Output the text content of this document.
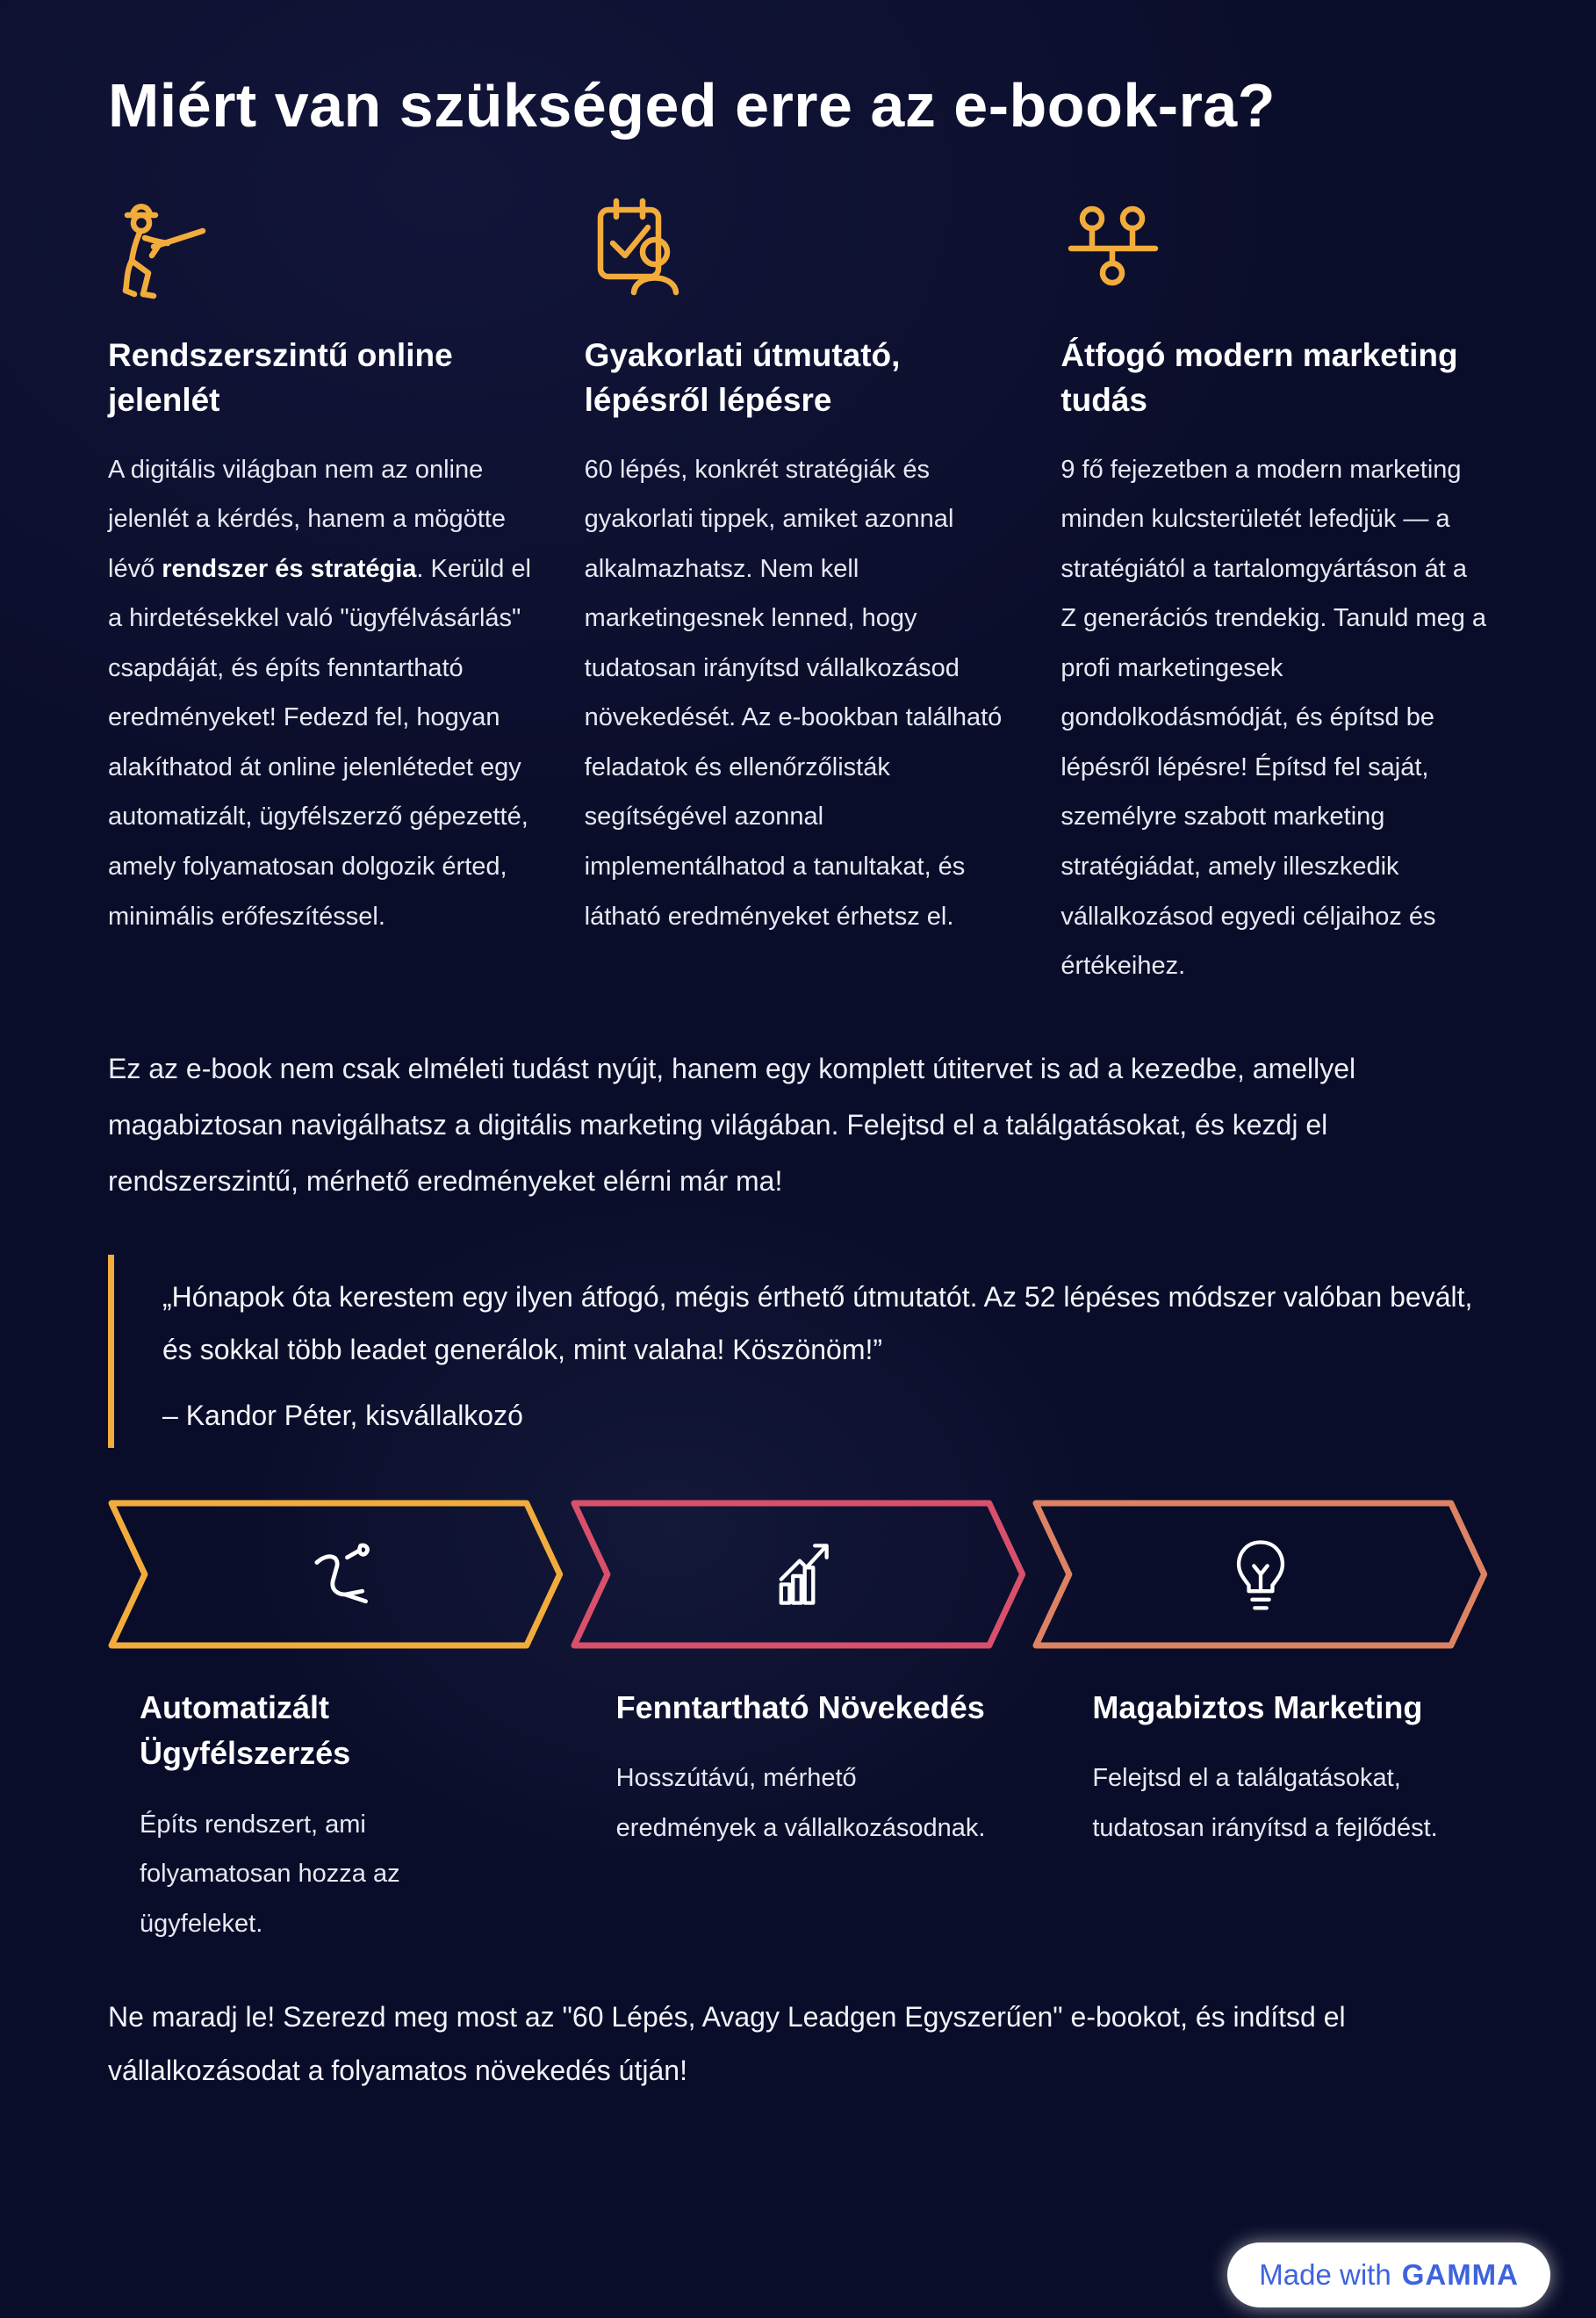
Miért van szükséged erre az e-book-ra?
Rendszerszintű online jelenlét

A digitális világban nem az online jelenlét a kérdés, hanem a mögötte lévő rendszer és stratégia. Kerüld el a hirdetésekkel való "ügyfélvásárlás" csapdáját, és építs fenntartható eredményeket! Fedezd fel, hogyan alakíthatod át online jelenlétedet egy automatizált, ügyfélszerző gépezetté, amely folyamatosan dolgozik érted, minimális erőfeszítéssel.

Gyakorlati útmutató, lépésről lépésre

60 lépés, konkrét stratégiák és gyakorlati tippek, amiket azonnal alkalmazhatsz. Nem kell marketingesnek lenned, hogy tudatosan irányítsd vállalkozásod növekedését. Az e-bookban található feladatok és ellenőrzőlisták segítségével azonnal implementálhatod a tanultakat, és látható eredményeket érhetsz el.

Átfogó modern marketing tudás

9 fő fejezetben a modern marketing minden kulcsterületét lefedjük — a stratégiától a tartalomgyártáson át a Z generációs trendekig. Tanuld meg a profi marketingesek gondolkodásmódját, és építsd be lépésről lépésre! Építsd fel saját, személyre szabott marketing stratégiádat, amely illeszkedik vállalkozásod egyedi céljaihoz és értékeihez.

Ez az e-book nem csak elméleti tudást nyújt, hanem egy komplett útitervet is ad a kezedbe, amellyel magabiztosan navigálhatsz a digitális marketing világában. Felejtsd el a találgatásokat, és kezdj el rendszerszintű, mérhető eredményeket elérni már ma!

„Hónapok óta kerestem egy ilyen átfogó, mégis érthető útmutatót. Az 52 lépéses módszer valóban bevált, és sokkal több leadet generálok, mint valaha! Köszönöm!”

– Kandor Péter, kisvállalkozó

Automatizált Ügyfélszerzés

Építs rendszert, ami folyamatosan hozza az ügyfeleket.

Fenntartható Növekedés

Hosszútávú, mérhető eredmények a vállalkozásodnak.

Magabiztos Marketing

Felejtsd el a találgatásokat, tudatosan irányítsd a fejlődést.

Ne maradj le! Szerezd meg most az "60 Lépés, Avagy Leadgen Egyszerűen" e-bookot, és indítsd el vállalkozásodat a folyamatos növekedés útján!

Made with GAMMA
